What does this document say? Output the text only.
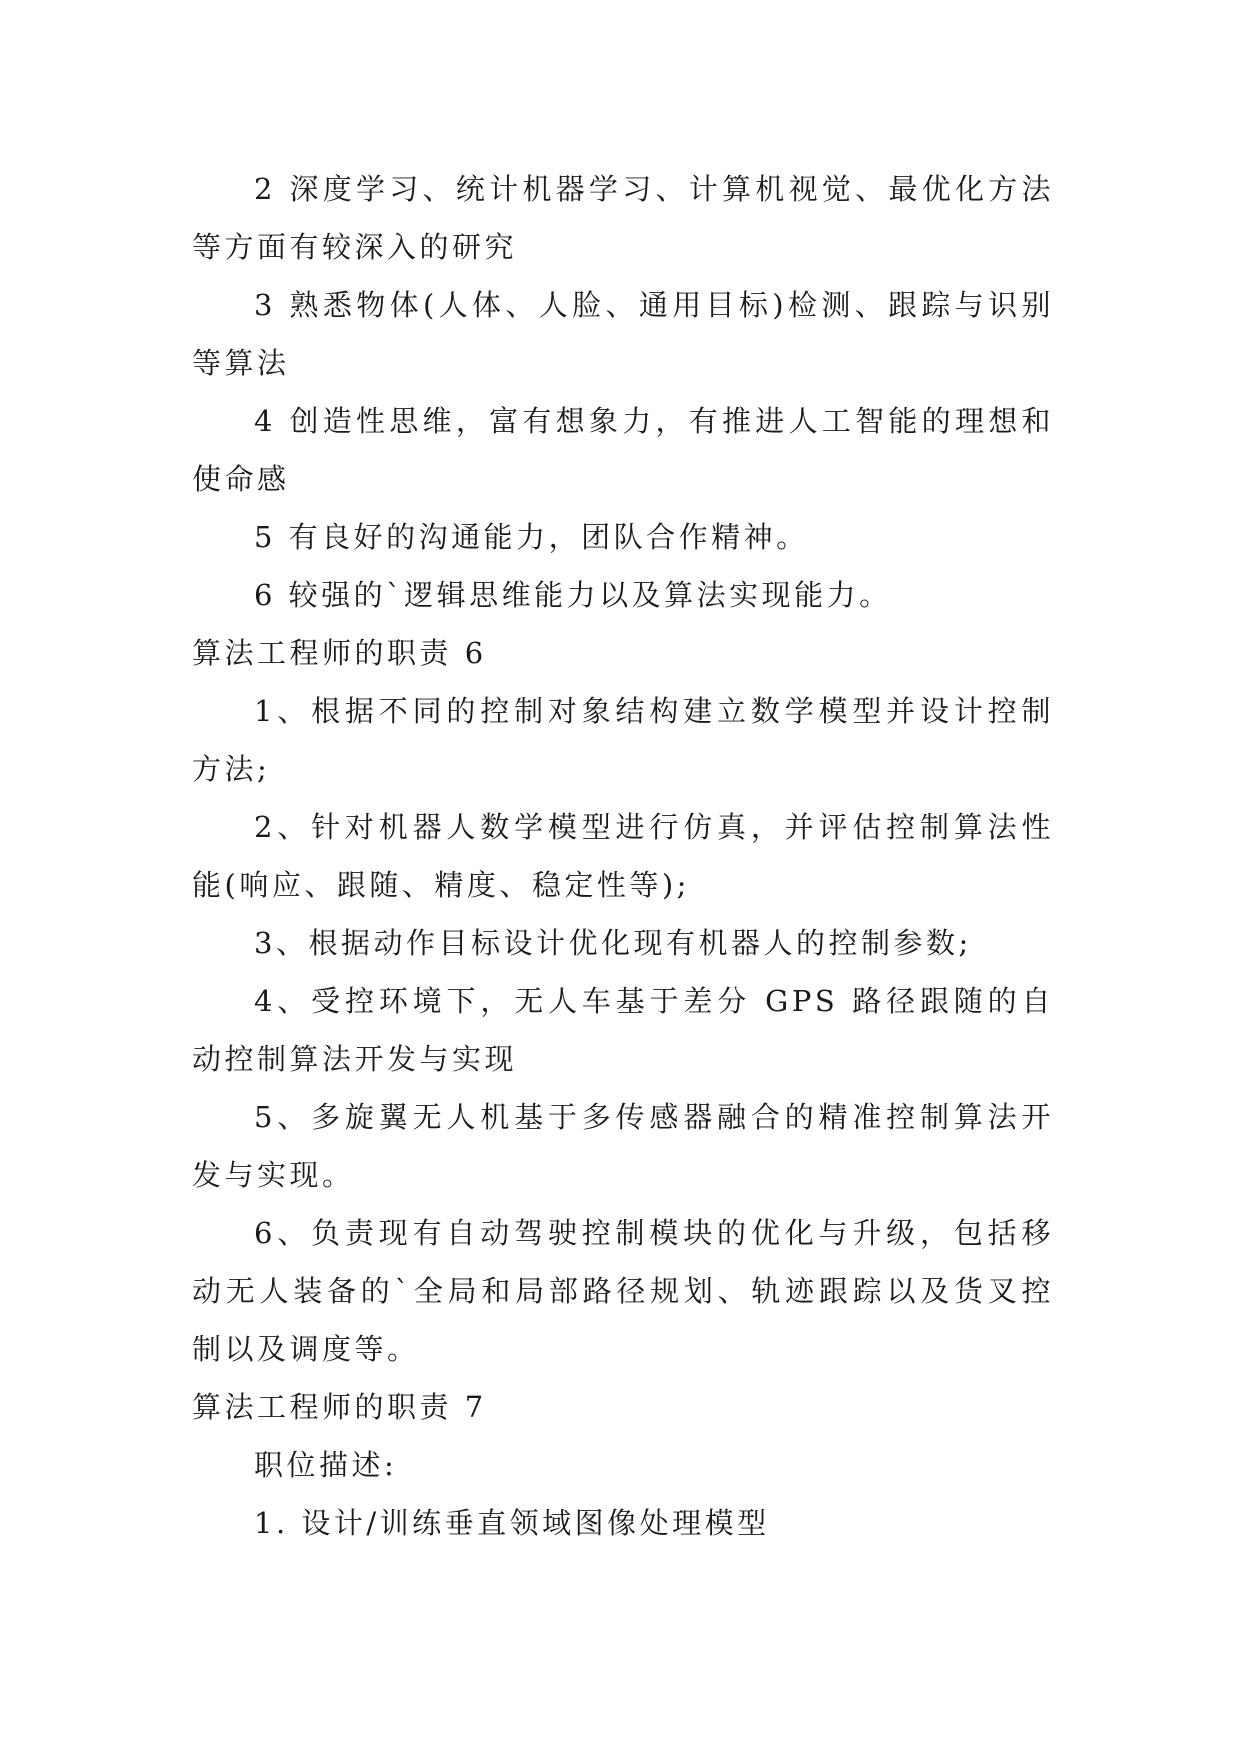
2 深度学习、统计机器学习、计算机视觉、最优化方法等方面有较深入的研究

3 熟悉物体(人体、人脸、通用目标)检测、跟踪与识别等算法

4 创造性思维，富有想象力，有推进人工智能的理想和使命感

5 有良好的沟通能力，团队合作精神。

6 较强的`逻辑思维能力以及算法实现能力。

算法工程师的职责 6

1、根据不同的控制对象结构建立数学模型并设计控制方法;

2、针对机器人数学模型进行仿真，并评估控制算法性能(响应、跟随、精度、稳定性等);

3、根据动作目标设计优化现有机器人的控制参数;

4、受控环境下，无人车基于差分 GPS 路径跟随的自动控制算法开发与实现

5、多旋翼无人机基于多传感器融合的精准控制算法开发与实现。

6、负责现有自动驾驶控制模块的优化与升级，包括移动无人装备的`全局和局部路径规划、轨迹跟踪以及货叉控制以及调度等。

算法工程师的职责 7

职位描述:

1. 设计/训练垂直领域图像处理模型
